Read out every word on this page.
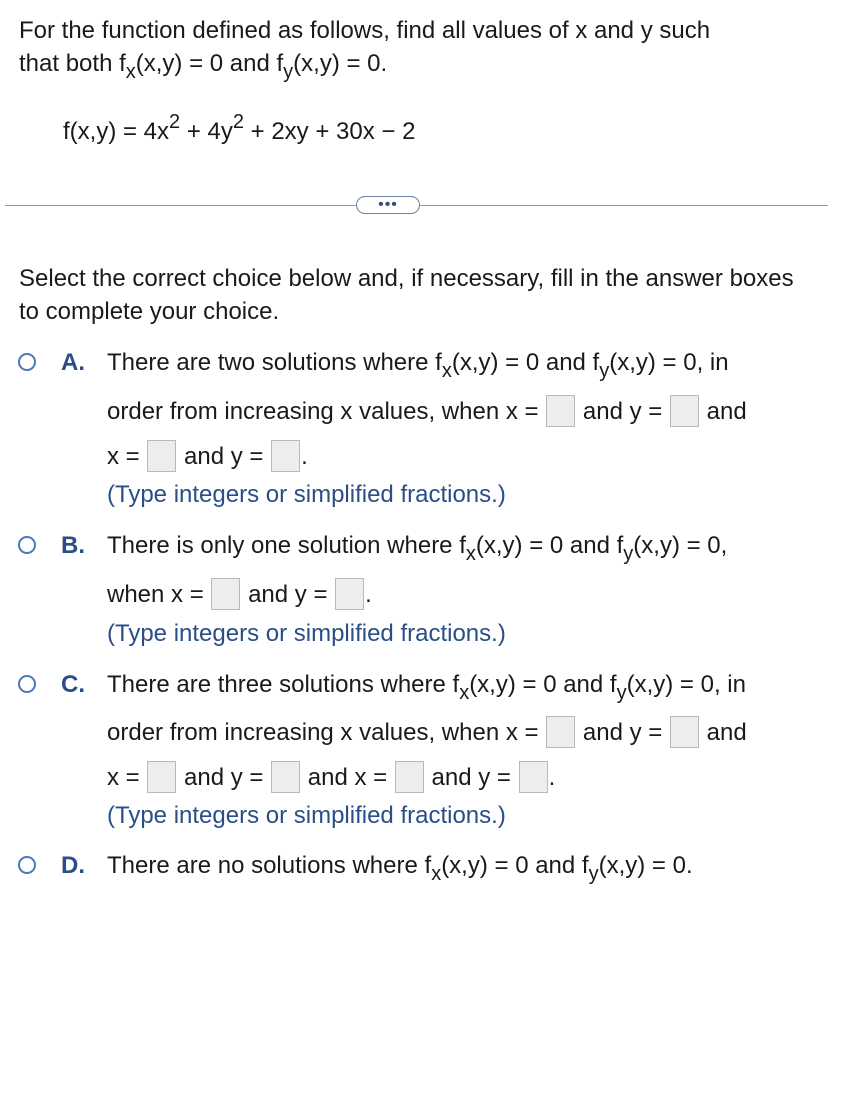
For the function defined as follows, find all values of x and y such
that both $f_x(x,y) = 0$ and $f_y(x,y) = 0$.
$f(x,y) = 4x^2 + 4y^2 + 2xy + 30x - 2$
•••
Select the correct choice below and, if necessary, fill in the answer boxes to complete your choice.
A. There are two solutions where $f_x(x,y) = 0$ and $f_y(x,y) = 0$, in
order from increasing x values, when x = and y = and
x = and y = .
(Type integers or simplified fractions.)
B. There is only one solution where $f_x(x,y) = 0$ and $f_y(x,y) = 0$,
when x = and y = .
(Type integers or simplified fractions.)
C. There are three solutions where $f_x(x,y) = 0$ and $f_y(x,y) = 0$, in
order from increasing x values, when x = and y = and
x = and y = and x = and y = .
(Type integers or simplified fractions.)
D. There are no solutions where $f_x(x,y) = 0$ and $f_y(x,y) = 0$.
